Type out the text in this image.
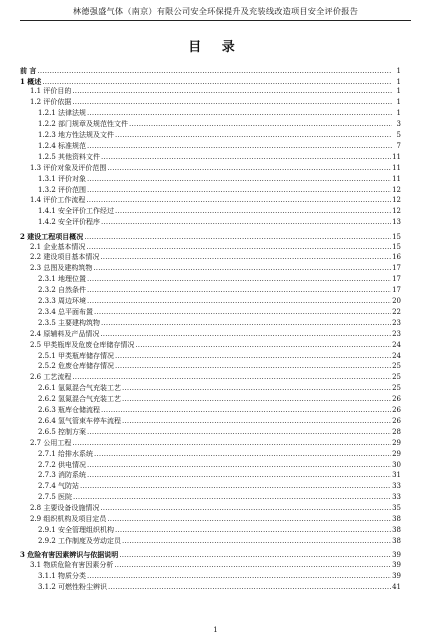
林德强盛气体（南京）有限公司安全环保提升及充装线改造项目安全评价报告
目 录
前 言 .....	1
1 概述 .....	1
1.1 评价目的 .....	1
1.2 评价依据 .....	1
1.2.1 法律法规 .....	1
1.2.2 部门规章及规范性文件 .....	3
1.2.3 地方性法规及文件 .....	5
1.2.4 标准规范 .....	7
1.2.5 其他资料文件 .....	11
1.3 评价对象及评价范围 .....	11
1.3.1 评价对象 .....	11
1.3.2 评价范围 .....	12
1.4 评价工作流程 .....	12
1.4.1 安全评价工作经过 .....	12
1.4.2 安全评价程序 .....	13
2 建设工程项目概况 .....	15
2.1 企业基本情况 .....	15
2.2 建设项目基本情况 .....	16
2.3 总图及建构筑物 .....	17
2.3.1 地理位置 .....	17
2.3.2 自然条件 .....	17
2.3.3 周边环境 .....	20
2.3.4 总平面布置 .....	22
2.3.5 主要建构筑物 .....	23
2.4 原辅料及产品情况 .....	23
2.5 甲类瓶库及危废仓库储存情况 .....	24
2.5.1 甲类瓶库储存情况 .....	24
2.5.2 危废仓库储存情况 .....	25
2.6 工艺流程 .....	25
2.6.1 氩氮混合气充装工艺 .....	25
2.6.2 氢氮混合气充装工艺 .....	26
2.6.3 瓶库仓储流程 .....	26
2.6.4 氢气管束车停车流程 .....	26
2.6.5 控制方案 .....	28
2.7 公用工程 .....	29
2.7.1 给排水系统 .....	29
2.7.2 供电情况 .....	30
2.7.3 消防系统 .....	31
2.7.4 气防站 .....	33
2.7.5 医院 .....	33
2.8 主要设备设施情况 .....	35
2.9 组织机构及项目定员 .....	38
2.9.1 安全管理组织机构 .....	38
2.9.2 工作制度及劳动定员 .....	38
3 危险有害因素辨识与依据说明 .....	39
3.1 物质危险有害因素分析 .....	39
3.1.1 物质分类 .....	39
3.1.2 可燃性粉尘辨识 .....	41
1
